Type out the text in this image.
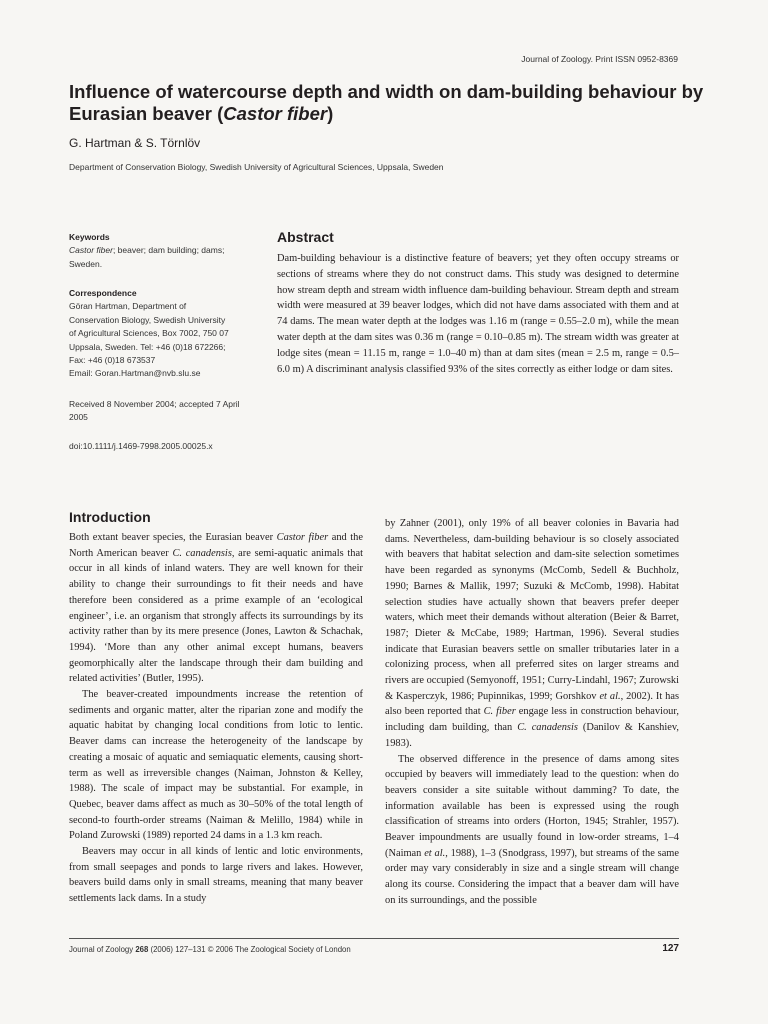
Journal of Zoology. Print ISSN 0952-8369
Influence of watercourse depth and width on dam-building behaviour by Eurasian beaver (Castor fiber)
G. Hartman & S. Törnlöv
Department of Conservation Biology, Swedish University of Agricultural Sciences, Uppsala, Sweden
Keywords
Castor fiber; beaver; dam building; dams; Sweden.
Correspondence
Göran Hartman, Department of
Conservation Biology, Swedish University
of Agricultural Sciences, Box 7002, 750 07
Uppsala, Sweden. Tel: +46 (0)18 672266;
Fax: +46 (0)18 673537
Email: Goran.Hartman@nvb.slu.se
Received 8 November 2004; accepted 7 April 2005
doi:10.1111/j.1469-7998.2005.00025.x
Abstract
Dam-building behaviour is a distinctive feature of beavers; yet they often occupy streams or sections of streams where they do not construct dams. This study was designed to determine how stream depth and stream width influence dam-building behaviour. Stream depth and stream width were measured at 39 beaver lodges, which did not have dams associated with them and at 74 dams. The mean water depth at the lodges was 1.16 m (range = 0.55–2.0 m), while the mean water depth at the dam sites was 0.36 m (range = 0.10–0.85 m). The stream width was greater at lodge sites (mean = 11.15 m, range = 1.0–40 m) than at dam sites (mean = 2.5 m, range = 0.5–6.0 m) A discriminant analysis classified 93% of the sites correctly as either lodge or dam sites.
Introduction

Both extant beaver species, the Eurasian beaver Castor fiber and the North American beaver C. canadensis, are semi-aquatic animals that occur in all kinds of inland waters. They are well known for their ability to change their surroundings to fit their needs and have therefore been considered as a prime example of an ‘ecological engineer’, i.e. an organism that strongly affects its surroundings by its activity rather than by its mere presence (Jones, Lawton & Schachak, 1994). ‘More than any other animal except humans, beavers geomorphically alter the landscape through their dam building and related activities’ (Butler, 1995).

The beaver-created impoundments increase the retention of sediments and organic matter, alter the riparian zone and modify the aquatic habitat by changing local conditions from lotic to lentic. Beaver dams can increase the heterogeneity of the landscape by creating a mosaic of aquatic and semiaquatic elements, causing short-term as well as irreversible changes (Naiman, Johnston & Kelley, 1988). The scale of impact may be substantial. For example, in Quebec, beaver dams affect as much as 30–50% of the total length of second-to fourth-order streams (Naiman & Melillo, 1984) while in Poland Zurowski (1989) reported 24 dams in a 1.3 km reach.

Beavers may occur in all kinds of lentic and lotic environments, from small seepages and ponds to large rivers and lakes. However, beavers build dams only in small streams, meaning that many beaver settlements lack dams. In a study

by Zahner (2001), only 19% of all beaver colonies in Bavaria had dams. Nevertheless, dam-building behaviour is so closely associated with beavers that habitat selection and dam-site selection sometimes have been regarded as synonyms (McComb, Sedell & Buchholz, 1990; Barnes & Mallik, 1997; Suzuki & McComb, 1998). Habitat selection studies have actually shown that beavers prefer deeper waters, which meet their demands without alteration (Beier & Barret, 1987; Dieter & McCabe, 1989; Hartman, 1996). Several studies indicate that Eurasian beavers settle on smaller tributaries later in a colonizing process, when all preferred sites on larger streams and rivers are occupied (Semyonoff, 1951; Curry-Lindahl, 1967; Zurowski & Kasperczyk, 1986; Pupinnikas, 1999; Gorshkov et al., 2002). It has also been reported that C. fiber engage less in construction behaviour, including dam building, than C. canadensis (Danilov & Kanshiev, 1983).

The observed difference in the presence of dams among sites occupied by beavers will immediately lead to the question: when do beavers consider a site suitable without damming? To date, the information available has been is expressed using the rough classification of streams into orders (Horton, 1945; Strahler, 1957). Beaver impoundments are usually found in low-order streams, 1–4 (Naiman et al., 1988), 1–3 (Snodgrass, 1997), but streams of the same order may vary considerably in size and a single stream will change along its course. Considering the impact that a beaver dam will have on its surroundings, and the possible

Journal of Zoology 268 (2006) 127–131 © 2006 The Zoological Society of London	127
